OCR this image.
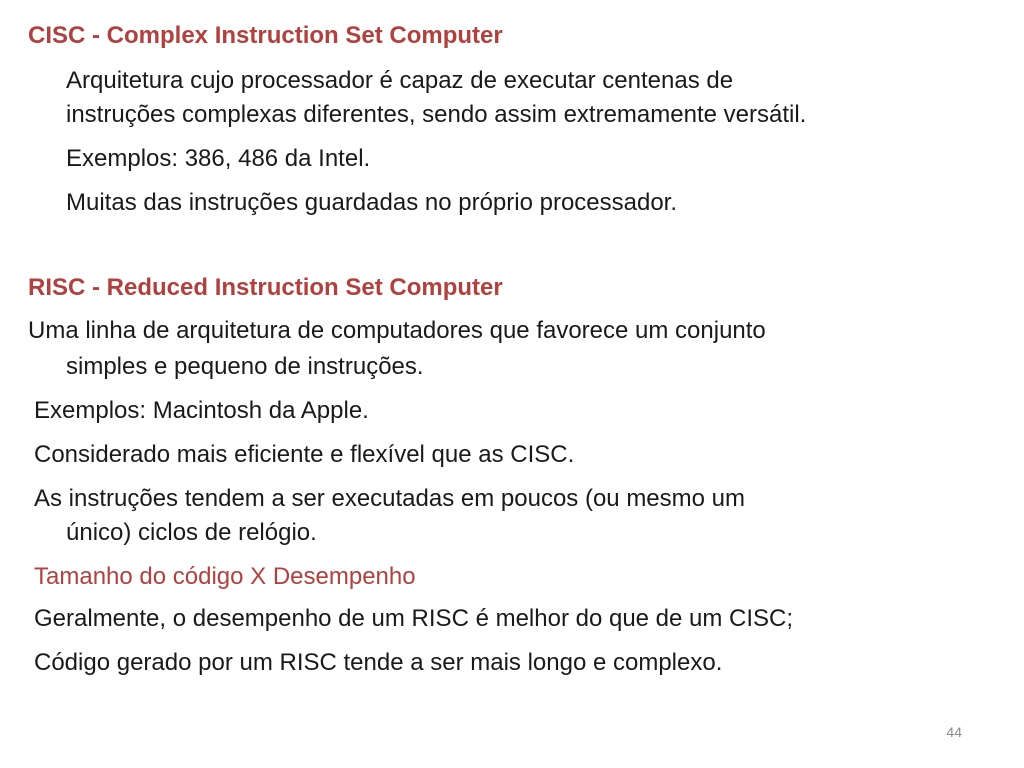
CISC - Complex Instruction Set Computer
Arquitetura cujo processador é capaz de executar centenas de
instruções complexas diferentes, sendo assim extremamente versátil.
Exemplos: 386, 486 da Intel.
Muitas das instruções guardadas no próprio processador.
RISC - Reduced Instruction Set Computer
Uma linha de arquitetura de computadores que favorece um conjunto
simples e pequeno de instruções.
Exemplos: Macintosh da Apple.
Considerado mais eficiente e flexível que as CISC.
As instruções tendem a ser executadas em poucos (ou mesmo um
único) ciclos de relógio.
Tamanho do código X Desempenho
Geralmente, o desempenho de um RISC é melhor do que de um CISC;
Código gerado por um RISC tende a ser mais longo e complexo.
44
